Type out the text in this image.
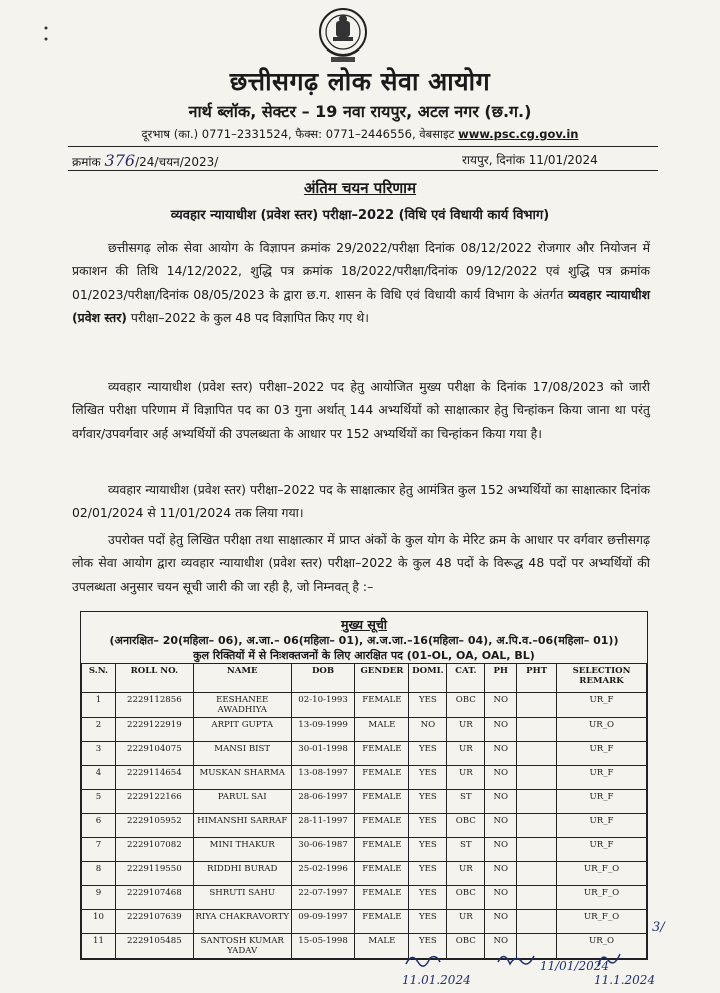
छत्तीसगढ़ लोक सेवा आयोग
नार्थ ब्लॉक, सेक्टर – 19 नवा रायपुर, अटल नगर (छ.ग.)
दूरभाष (का.) 0771–2331524, फैक्स: 0771–2446556, वेबसाइट www.psc.cg.gov.in
क्रमांक 376/24/चयन/2023/	रायपुर, दिनांक 11/01/2024
अंतिम चयन परिणाम
व्यवहार न्यायाधीश (प्रवेश स्तर) परीक्षा–2022 (विधि एवं विधायी कार्य विभाग)
छत्तीसगढ़ लोक सेवा आयोग के विज्ञापन क्रमांक 29/2022/परीक्षा दिनांक 08/12/2022 रोजगार और नियोजन में प्रकाशन की तिथि 14/12/2022, शुद्धि पत्र क्रमांक 18/2022/परीक्षा/दिनांक 09/12/2022 एवं शुद्धि पत्र क्रमांक 01/2023/परीक्षा/दिनांक 08/05/2023 के द्वारा छ.ग. शासन के विधि एवं विधायी कार्य विभाग के अंतर्गत व्यवहार न्यायाधीश (प्रवेश स्तर) परीक्षा–2022 के कुल 48 पद विज्ञापित किए गए थे।
व्यवहार न्यायाधीश (प्रवेश स्तर) परीक्षा–2022 पद हेतु आयोजित मुख्य परीक्षा के दिनांक 17/08/2023 को जारी लिखित परीक्षा परिणाम में विज्ञापित पद का 03 गुना अर्थात् 144 अभ्यर्थियों को साक्षात्कार हेतु चिन्हांकन किया जाना था परंतु वर्गवार/उपवर्गवार अर्ह अभ्यर्थियों की उपलब्धता के आधार पर 152 अभ्यर्थियों का चिन्हांकन किया गया है।
व्यवहार न्यायाधीश (प्रवेश स्तर) परीक्षा–2022 पद के साक्षात्कार हेतु आमंत्रित कुल 152 अभ्यर्थियों का साक्षात्कार दिनांक 02/01/2024 से 11/01/2024 तक लिया गया।
उपरोक्त पदों हेतु लिखित परीक्षा तथा साक्षात्कार में प्राप्त अंकों के कुल योग के मेरिट क्रम के आधार पर वर्गवार छत्तीसगढ़ लोक सेवा आयोग द्वारा व्यवहार न्यायाधीश (प्रवेश स्तर) परीक्षा–2022 के कुल 48 पदों के विरूद्ध 48 पदों पर अभ्यर्थियों की उपलब्धता अनुसार चयन सूची जारी की जा रही है, जो निम्नवत् है :–
मुख्य सूची
(अनारक्षित– 20(महिला– 06), अ.जा.– 06(महिला– 01), अ.ज.जा.–16(महिला– 04), अ.पि.व.–06(महिला– 01))
कुल रिक्तियों में से निःशक्तजनों के लिए आरक्षित पद (01-OL, OA, OAL, BL)
S.N.	ROLL NO.	NAME	DOB	GENDER	DOMI.	CAT.	PH	PHT	SELECTION REMARK
1	2229112856	EESHANEE AWADHIYA	02-10-1993	FEMALE	YES	OBC	NO		UR_F
2	2229122919	ARPIT GUPTA	13-09-1999	MALE	NO	UR	NO		UR_O
3	2229104075	MANSI BIST	30-01-1998	FEMALE	YES	UR	NO		UR_F
4	2229114654	MUSKAN SHARMA	13-08-1997	FEMALE	YES	UR	NO		UR_F
5	2229122166	PARUL SAI	28-06-1997	FEMALE	YES	ST	NO		UR_F
6	2229105952	HIMANSHI SARRAF	28-11-1997	FEMALE	YES	OBC	NO		UR_F
7	2229107082	MINI THAKUR	30-06-1987	FEMALE	YES	ST	NO		UR_F
8	2229119550	RIDDHI BURAD	25-02-1996	FEMALE	YES	UR	NO		UR_F_O
9	2229107468	SHRUTI SAHU	22-07-1997	FEMALE	YES	OBC	NO		UR_F_O
10	2229107639	RIYA CHAKRAVORTY	09-09-1997	FEMALE	YES	UR	NO		UR_F_O
11	2229105485	SANTOSH KUMAR YADAV	15-05-1998	MALE	YES	OBC	NO		UR_O

11.01.2024
11/01/2024

11.1.2024
3/
